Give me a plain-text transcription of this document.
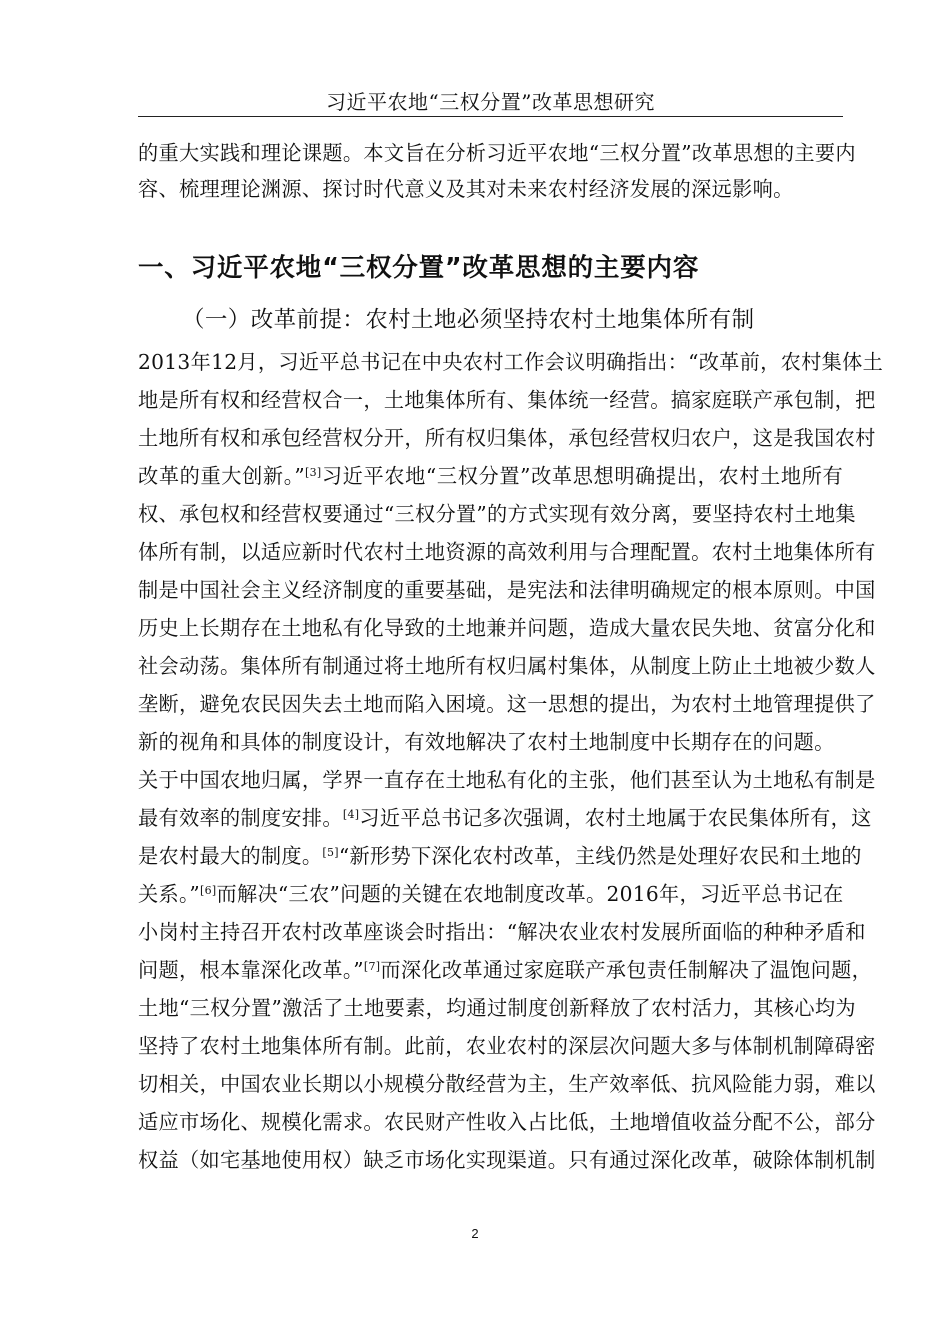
习近平农地“三权分置”改革思想研究
的重大实践和理论课题。本文旨在分析习近平农地“三权分置”改革思想的主要内
容、梳理理论渊源、探讨时代意义及其对未来农村经济发展的深远影响。
一、习近平农地“三权分置”改革思想的主要内容
（一）改革前提：农村土地必须坚持农村土地集体所有制
2013年12月，习近平总书记在中央农村工作会议明确指出：“改革前，农村集体土
地是所有权和经营权合一，土地集体所有、集体统一经营。搞家庭联产承包制，把
土地所有权和承包经营权分开，所有权归集体，承包经营权归农户，这是我国农村
改革的重大创新。”[3]习近平农地“三权分置”改革思想明确提出，农村土地所有
权、承包权和经营权要通过“三权分置”的方式实现有效分离，要坚持农村土地集
体所有制，以适应新时代农村土地资源的高效利用与合理配置。农村土地集体所有
制是中国社会主义经济制度的重要基础，是宪法和法律明确规定的根本原则。中国
历史上长期存在土地私有化导致的土地兼并问题，造成大量农民失地、贫富分化和
社会动荡。集体所有制通过将土地所有权归属村集体，从制度上防止土地被少数人
垄断，避免农民因失去土地而陷入困境。这一思想的提出，为农村土地管理提供了
新的视角和具体的制度设计，有效地解决了农村土地制度中长期存在的问题。
关于中国农地归属，学界一直存在土地私有化的主张，他们甚至认为土地私有制是
最有效率的制度安排。[4]习近平总书记多次强调，农村土地属于农民集体所有，这
是农村最大的制度。[5]“新形势下深化农村改革，主线仍然是处理好农民和土地的
关系。”[6]而解决“三农”问题的关键在农地制度改革。2016年，习近平总书记在
小岗村主持召开农村改革座谈会时指出：“解决农业农村发展所面临的种种矛盾和
问题，根本靠深化改革。”[7]而深化改革通过家庭联产承包责任制解决了温饱问题，
土地“三权分置”激活了土地要素，均通过制度创新释放了农村活力，其核心均为
坚持了农村土地集体所有制。此前，农业农村的深层次问题大多与体制机制障碍密
切相关，中国农业长期以小规模分散经营为主，生产效率低、抗风险能力弱，难以
适应市场化、规模化需求。农民财产性收入占比低，土地增值收益分配不公，部分
权益（如宅基地使用权）缺乏市场化实现渠道。只有通过深化改革，破除体制机制
2
